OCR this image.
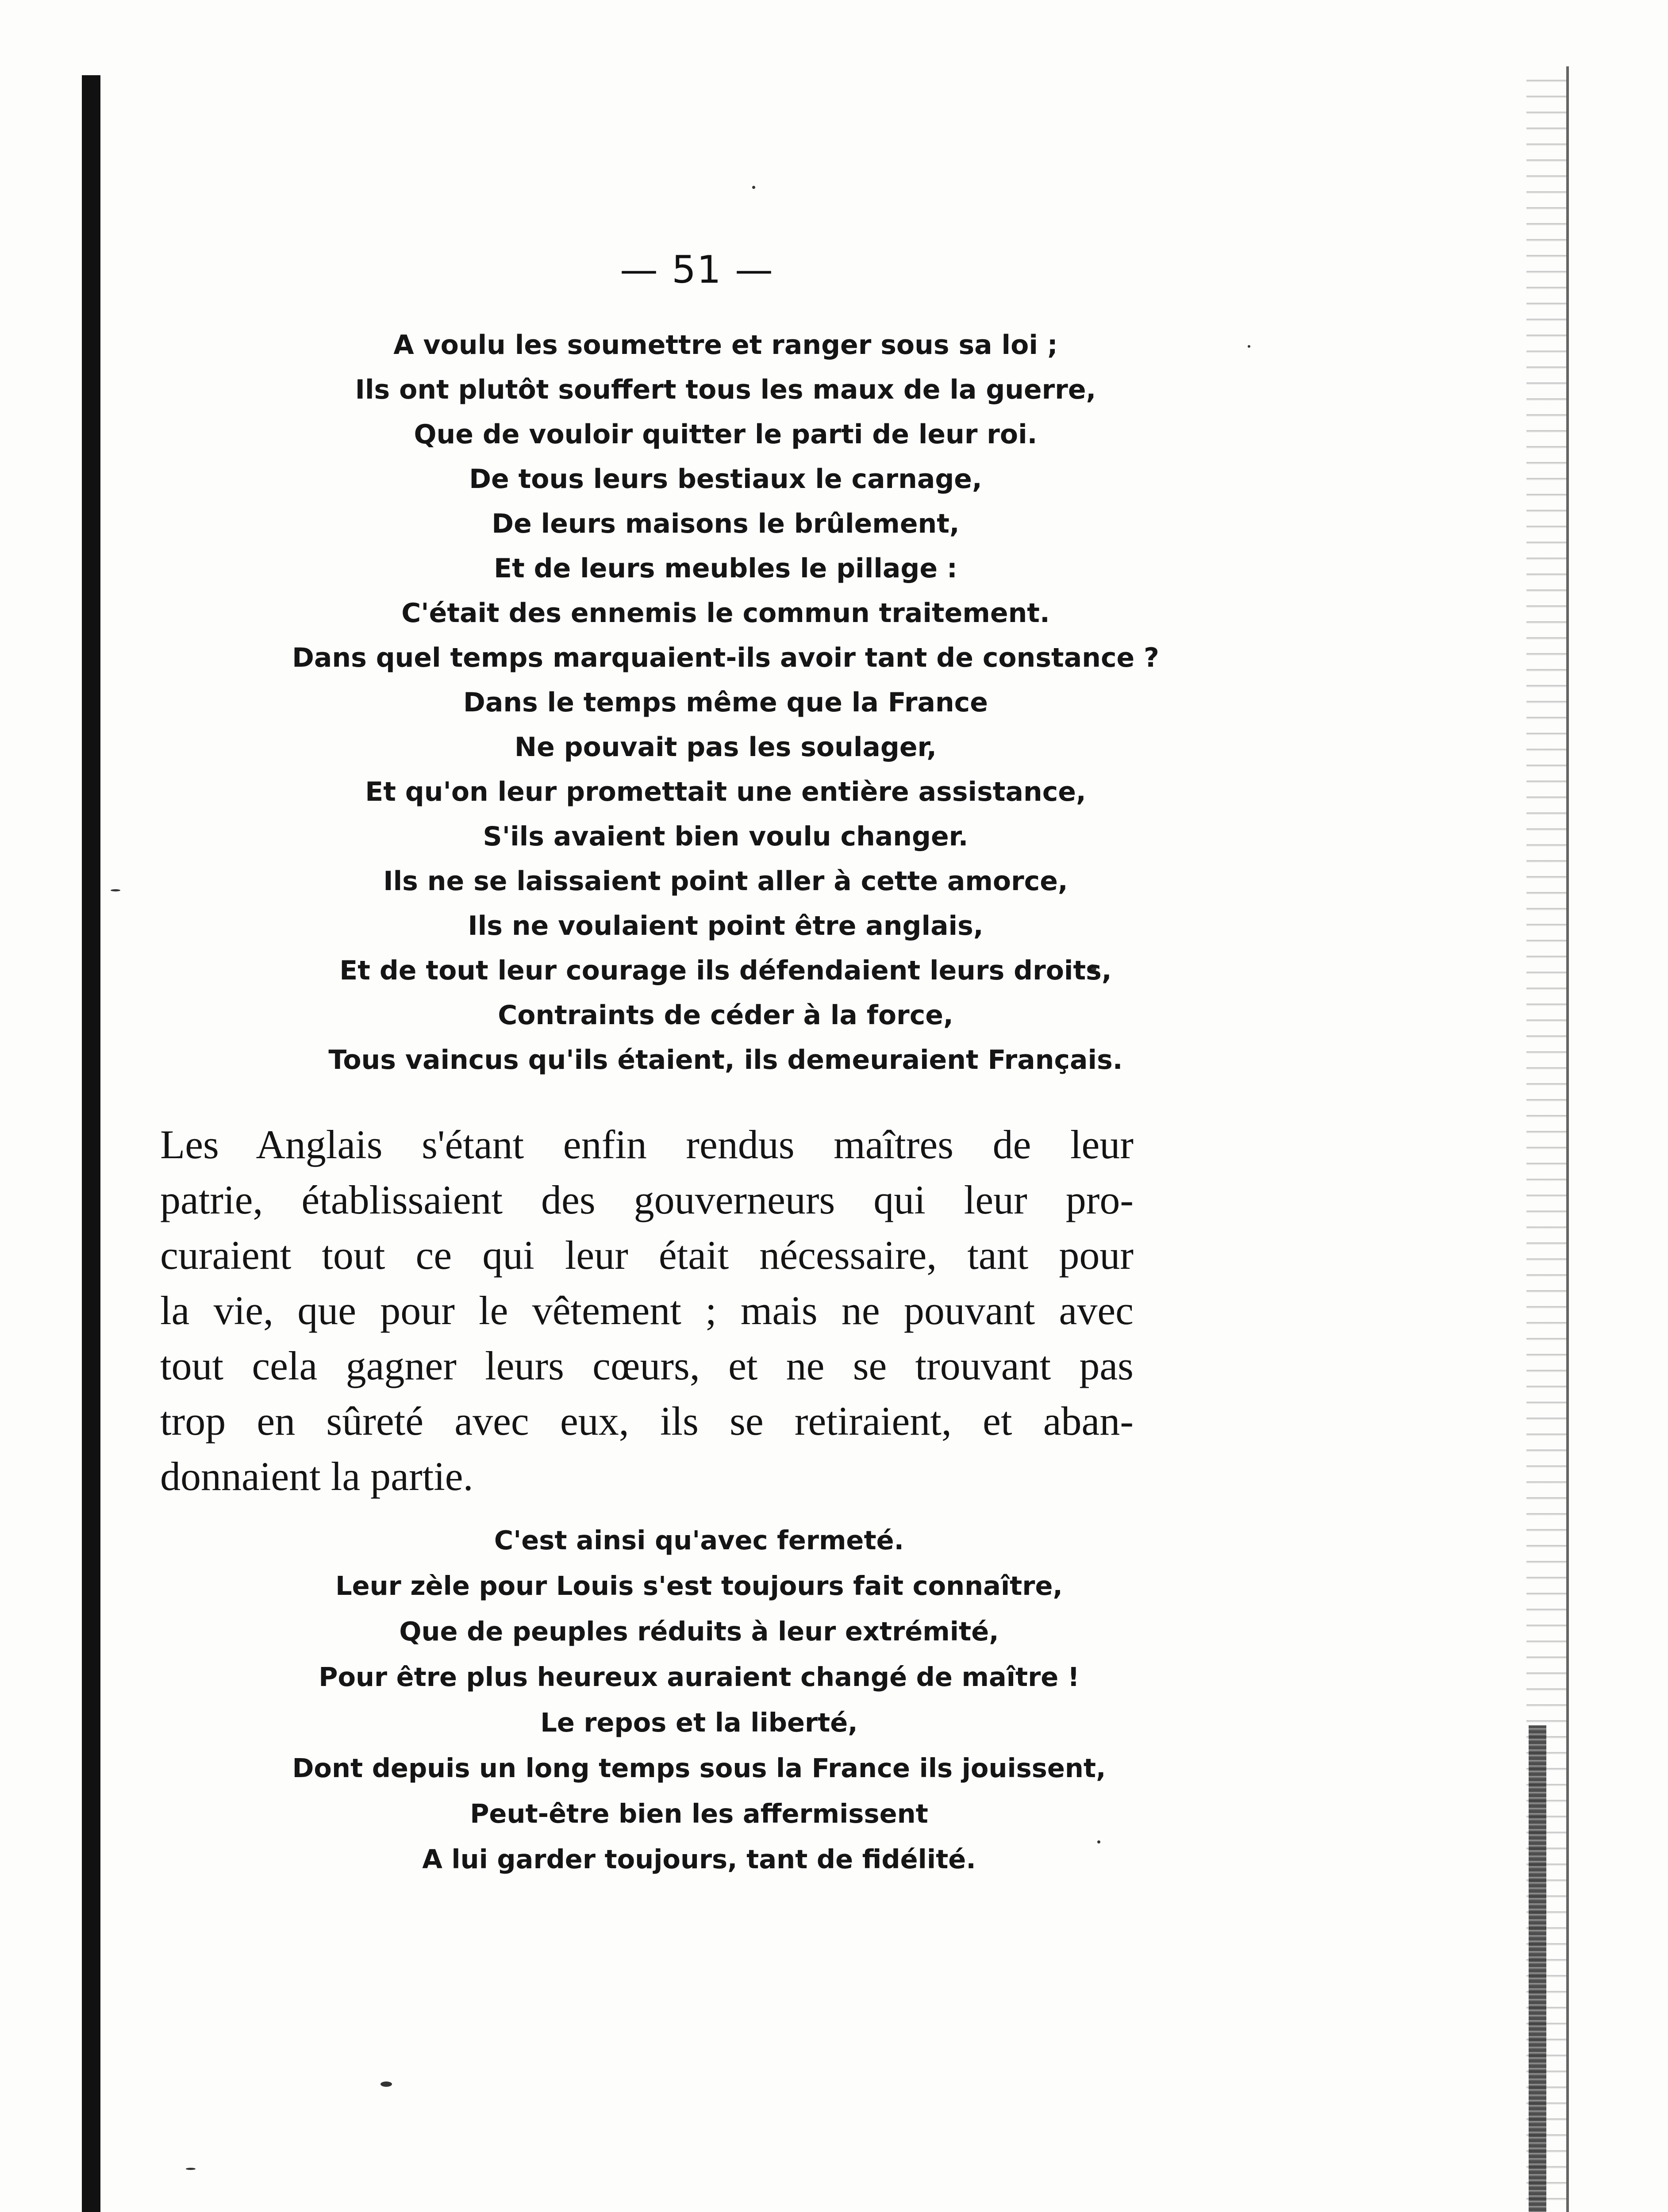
— 51 —
A voulu les soumettre et ranger sous sa loi ;
Ils ont plutôt souffert tous les maux de la guerre,
Que de vouloir quitter le parti de leur roi.
De tous leurs bestiaux le carnage,
De leurs maisons le brûlement,
Et de leurs meubles le pillage :
C'était des ennemis le commun traitement.
Dans quel temps marquaient-ils avoir tant de constance ?
Dans le temps même que la France
Ne pouvait pas les soulager,
Et qu'on leur promettait une entière assistance,
S'ils avaient bien voulu changer.
Ils ne se laissaient point aller à cette amorce,
Ils ne voulaient point être anglais,
Et de tout leur courage ils défendaient leurs droits,
Contraints de céder à la force,
Tous vaincus qu'ils étaient, ils demeuraient Français.
Les Anglais s'étant enfin rendus maîtres de leur
patrie, établissaient des gouverneurs qui leur pro-
curaient tout ce qui leur était nécessaire, tant pour
la vie, que pour le vêtement ; mais ne pouvant avec
tout cela gagner leurs cœurs, et ne se trouvant pas
trop en sûreté avec eux, ils se retiraient, et aban-
donnaient la partie.
C'est ainsi qu'avec fermeté.
Leur zèle pour Louis s'est toujours fait connaître,
Que de peuples réduits à leur extrémité,
Pour être plus heureux auraient changé de maître !
Le repos et la liberté,
Dont depuis un long temps sous la France ils jouissent,
Peut-être bien les affermissent
A lui garder toujours, tant de fidélité.
